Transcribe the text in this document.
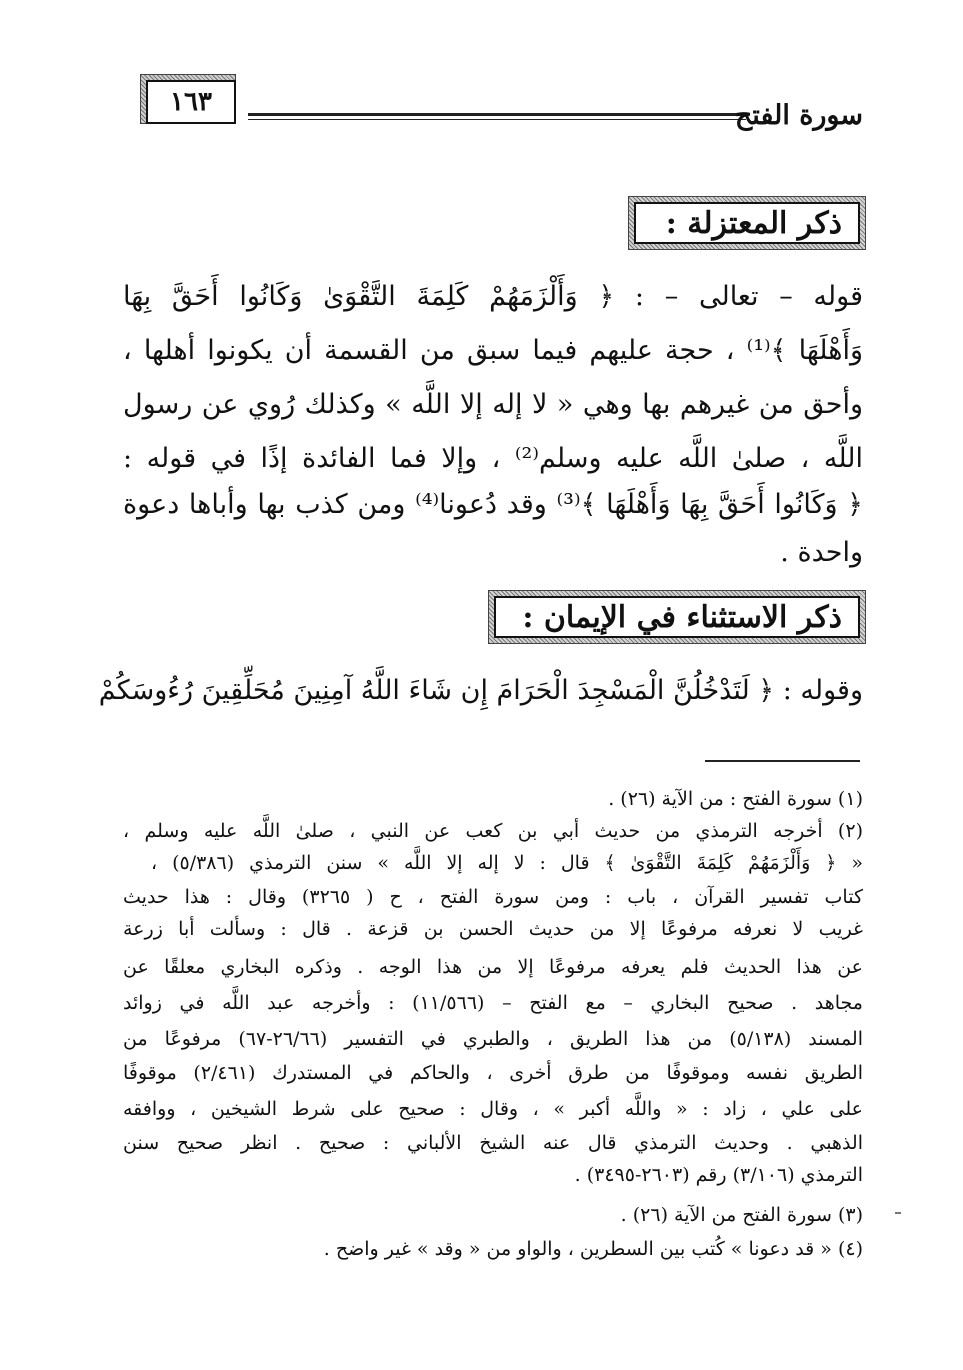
١٦٣	سورة الفتح
ذكر المعتزلة :
قوله – تعالى – : ﴿ وَأَلْزَمَهُمْ كَلِمَةَ التَّقْوَىٰ وَكَانُوا أَحَقَّ بِهَا
وَأَهْلَهَا ﴾⁽¹⁾ ، حجة عليهم فيما سبق من القسمة أن يكونوا أهلها ،
وأحق من غيرهم بها وهي « لا إله إلا اللَّه » وكذلك رُوي عن رسول
اللَّه ، صلىٰ اللَّه عليه وسلم⁽²⁾ ، وإلا فما الفائدة إذًا في قوله :
﴿ وَكَانُوا أَحَقَّ بِهَا وَأَهْلَهَا ﴾⁽³⁾ وقد دُعونا⁽⁴⁾ ومن كذب بها وأباها دعوة
واحدة .
ذكر الاستثناء في الإيمان :
وقوله : ﴿ لَتَدْخُلُنَّ الْمَسْجِدَ الْحَرَامَ إِن شَاءَ اللَّهُ آمِنِينَ مُحَلِّقِينَ رُءُوسَكُمْ
(١) سورة الفتح : من الآية (٢٦) .
(٢) أخرجه الترمذي من حديث أبي بن كعب عن النبي ، صلىٰ اللَّه عليه وسلم ،
« ﴿ وَأَلْزَمَهُمْ كَلِمَةَ التَّقْوَىٰ ﴾ قال : لا إله إلا اللَّه » سنن الترمذي (٥/٣٨٦) ،
كتاب تفسير القرآن ، باب : ومن سورة الفتح ، ح ( ٣٢٦٥) وقال : هذا حديث
غريب لا نعرفه مرفوعًا إلا من حديث الحسن بن قزعة . قال : وسألت أبا زرعة
عن هذا الحديث فلم يعرفه مرفوعًا إلا من هذا الوجه . وذكره البخاري معلقًا عن
مجاهد . صحيح البخاري – مع الفتح – (١١/٥٦٦) : وأخرجه عبد اللَّه في زوائد
المسند (٥/١٣٨) من هذا الطريق ، والطبري في التفسير (٢٦/٦٦-٦٧) مرفوعًا من
الطريق نفسه وموقوفًا من طرق أخرى ، والحاكم في المستدرك (٢/٤٦١) موقوفًا
على علي ، زاد : « واللَّه أكبر » ، وقال : صحيح على شرط الشيخين ، ووافقه
الذهبي . وحديث الترمذي قال عنه الشيخ الألباني : صحيح . انظر صحيح سنن
الترمذي (٣/١٠٦) رقم (٢٦٠٣-٣٤٩٥) .
(٣) سورة الفتح من الآية (٢٦) .
(٤) « قد دعونا » كُتب بين السطرين ، والواو من « وقد » غير واضح .
